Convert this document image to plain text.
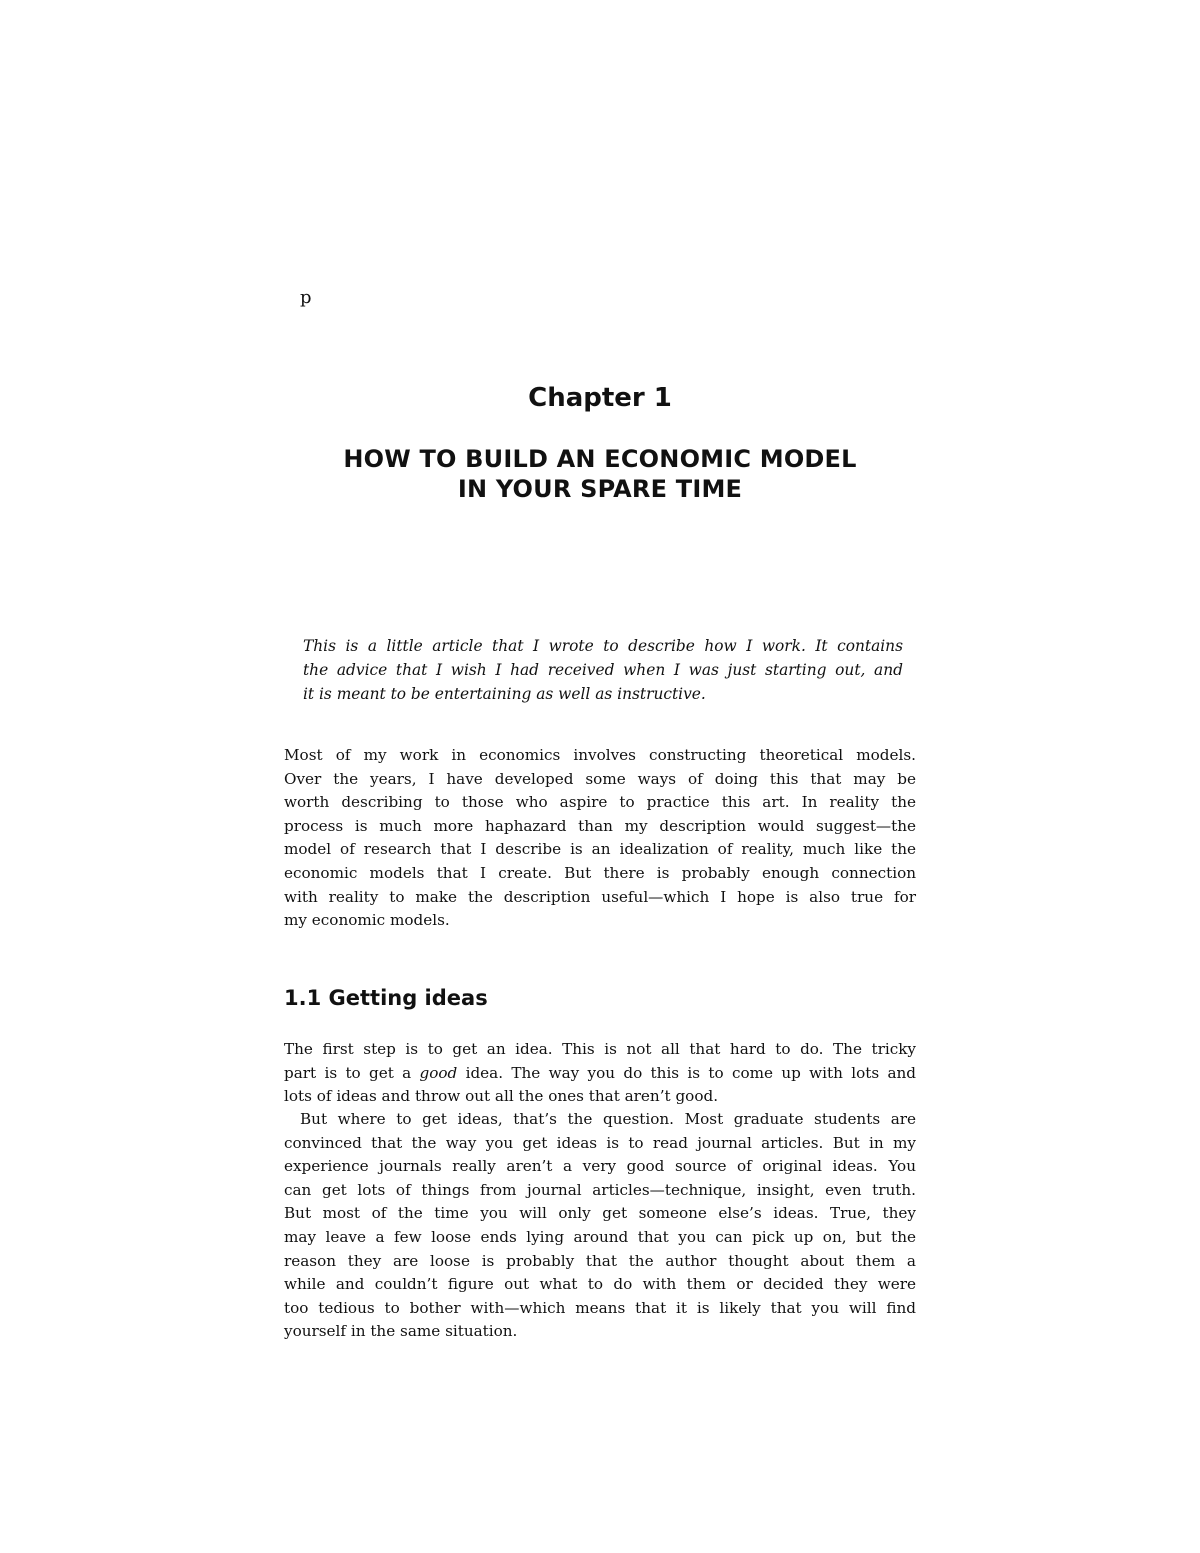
p
Chapter 1
HOW TO BUILD AN ECONOMIC MODEL
IN YOUR SPARE TIME
This is a little article that I wrote to describe how I work. It contains
the advice that I wish I had received when I was just starting out, and
it is meant to be entertaining as well as instructive.
Most of my work in economics involves constructing theoretical models.
Over the years, I have developed some ways of doing this that may be
worth describing to those who aspire to practice this art. In reality the
process is much more haphazard than my description would suggest—the
model of research that I describe is an idealization of reality, much like the
economic models that I create. But there is probably enough connection
with reality to make the description useful—which I hope is also true for
my economic models.
1.1 Getting ideas
The first step is to get an idea. This is not all that hard to do. The tricky
part is to get a good idea. The way you do this is to come up with lots and
lots of ideas and throw out all the ones that aren’t good.
But where to get ideas, that’s the question. Most graduate students are
convinced that the way you get ideas is to read journal articles. But in my
experience journals really aren’t a very good source of original ideas. You
can get lots of things from journal articles—technique, insight, even truth.
But most of the time you will only get someone else’s ideas. True, they
may leave a few loose ends lying around that you can pick up on, but the
reason they are loose is probably that the author thought about them a
while and couldn’t figure out what to do with them or decided they were
too tedious to bother with—which means that it is likely that you will find
yourself in the same situation.
